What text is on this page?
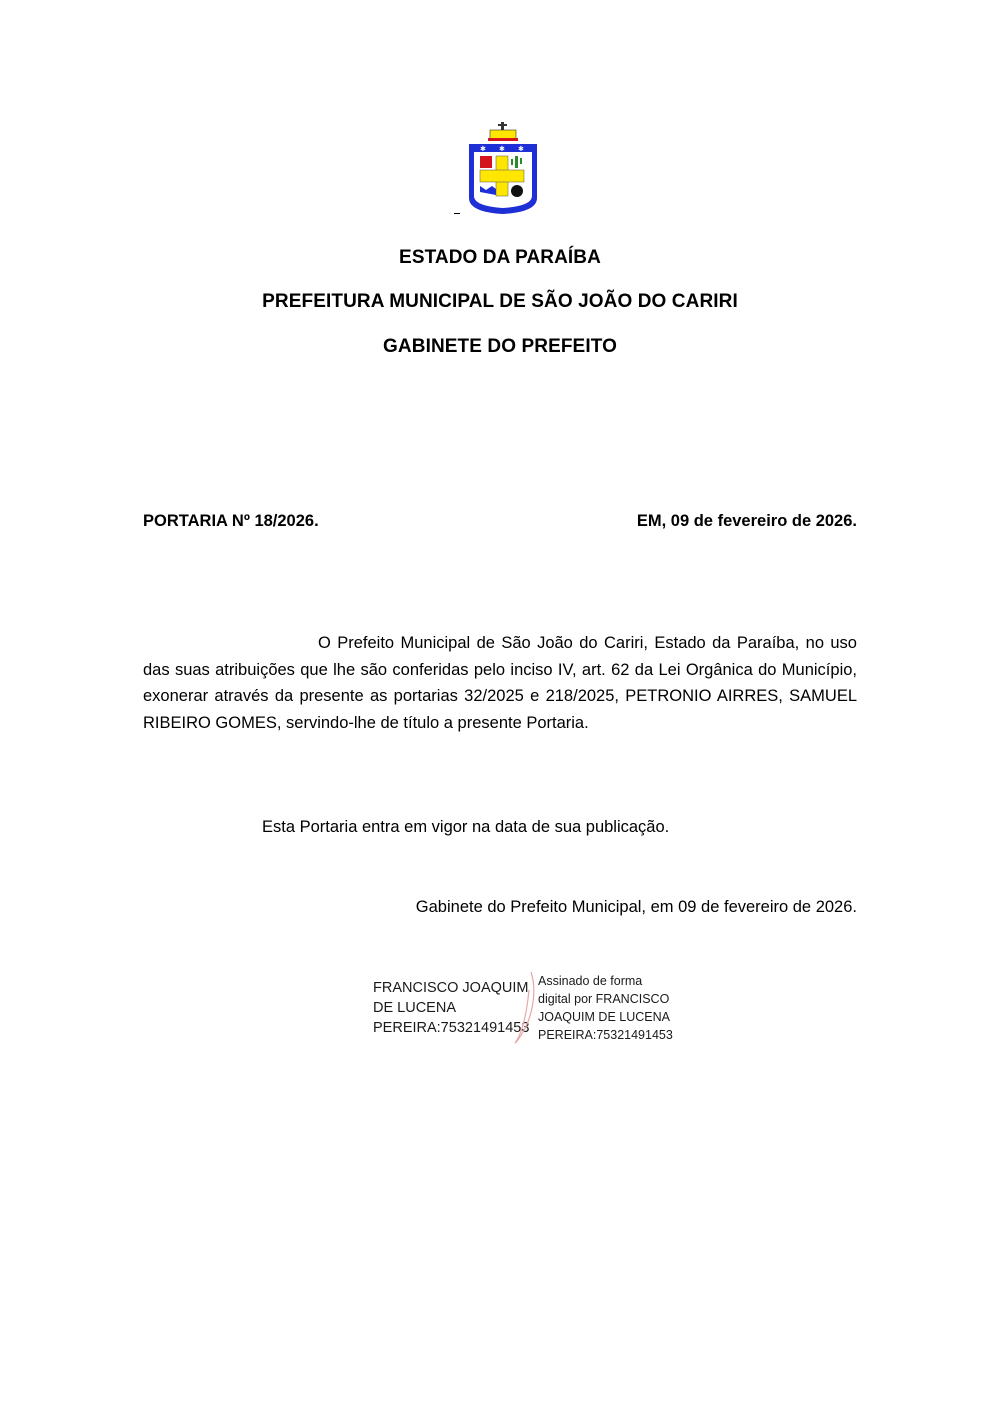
✱ ✱ ✱
ESTADO DA PARAÍBA
PREFEITURA MUNICIPAL DE SÃO JOÃO DO CARIRI
GABINETE DO PREFEITO
PORTARIA Nº 18/2026.	EM, 09 de fevereiro de 2026.
O Prefeito Municipal de São João do Cariri, Estado da Paraíba, no uso das suas atribuições que lhe são conferidas pelo inciso IV, art. 62 da Lei Orgânica do Município, exonerar através da presente as portarias 32/2025 e 218/2025, PETRONIO AIRRES, SAMUEL RIBEIRO GOMES, servindo-lhe de título a presente Portaria.
Esta Portaria entra em vigor na data de sua publicação.
Gabinete do Prefeito Municipal, em 09 de fevereiro de 2026.
FRANCISCO JOAQUIM
DE LUCENA
PEREIRA:75321491453
Assinado de forma
digital por FRANCISCO
JOAQUIM DE LUCENA
PEREIRA:75321491453
